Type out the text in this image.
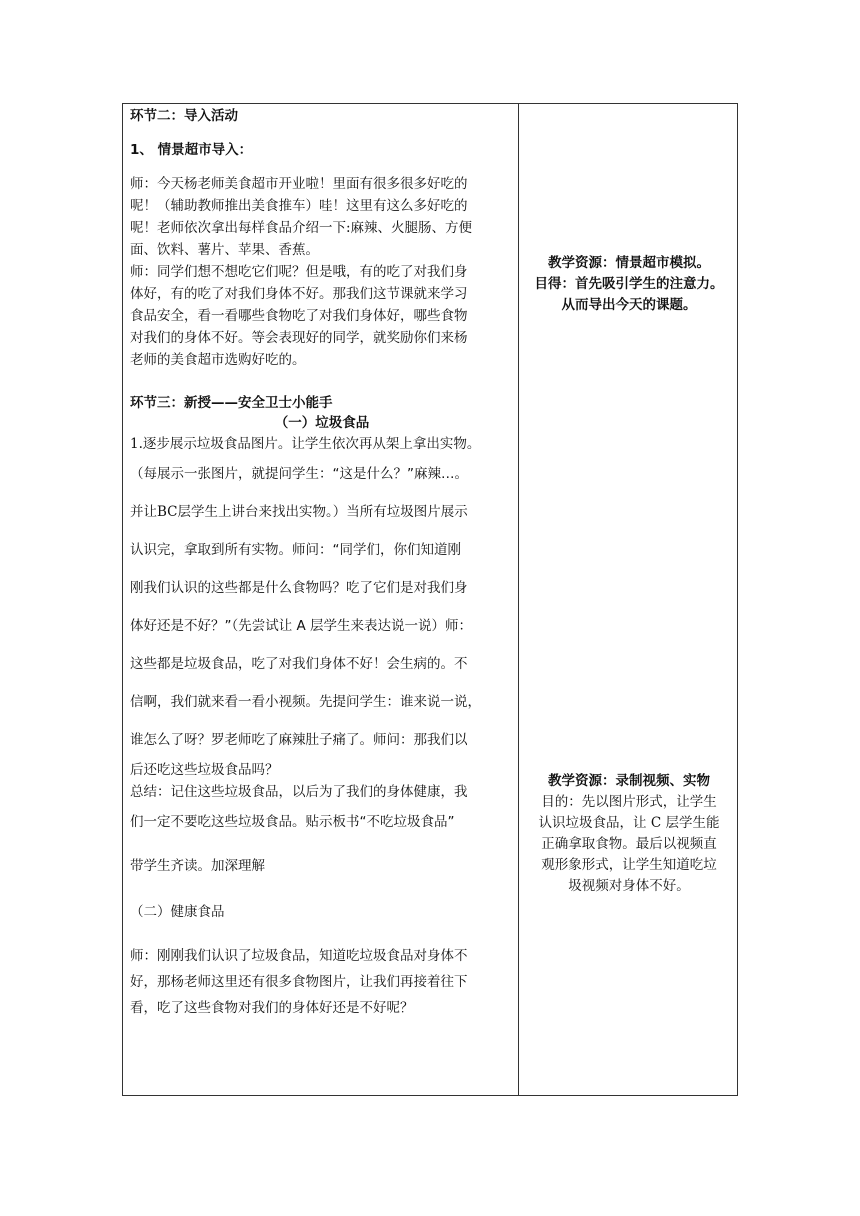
环节二：导入活动
1、 情景超市导入：
师：今天杨老师美食超市开业啦！里面有很多很多好吃的
呢！（辅助教师推出美食推车）哇！这里有这么多好吃的
呢！老师依次拿出每样食品介绍一下:麻辣、火腿肠、方便
面、饮料、薯片、苹果、香蕉。
师：同学们想不想吃它们呢？但是哦，有的吃了对我们身
体好，有的吃了对我们身体不好。那我们这节课就来学习
食品安全，看一看哪些食物吃了对我们身体好，哪些食物
对我们的身体不好。等会表现好的同学，就奖励你们来杨
老师的美食超市选购好吃的。
环节三：新授——安全卫士小能手
（一）垃圾食品
1.逐步展示垃圾食品图片。让学生依次再从架上拿出实物。
（每展示一张图片，就提问学生：“这是什么？”麻辣…。
并让BC层学生上讲台来找出实物。）当所有垃圾图片展示
认识完，拿取到所有实物。师问：“同学们，你们知道刚
刚我们认识的这些都是什么食物吗？吃了它们是对我们身
体好还是不好？”（先尝试让 A 层学生来表达说一说）师：
这些都是垃圾食品，吃了对我们身体不好！会生病的。不
信啊，我们就来看一看小视频。先提问学生：谁来说一说，
谁怎么了呀？罗老师吃了麻辣肚子痛了。师问：那我们以
后还吃这些垃圾食品吗？
总结：记住这些垃圾食品，以后为了我们的身体健康，我
们一定不要吃这些垃圾食品。贴示板书“不吃垃圾食品”
带学生齐读。加深理解
（二）健康食品
师：刚刚我们认识了垃圾食品，知道吃垃圾食品对身体不
好，那杨老师这里还有很多食物图片，让我们再接着往下
看，吃了这些食物对我们的身体好还是不好呢？
教学资源：情景超市模拟。
目得：首先吸引学生的注意力。
从而导出今天的课题。
教学资源：录制视频、实物
目的：先以图片形式，让学生
认识垃圾食品，让 C 层学生能
正确拿取食物。最后以视频直
观形象形式，让学生知道吃垃
圾视频对身体不好。
